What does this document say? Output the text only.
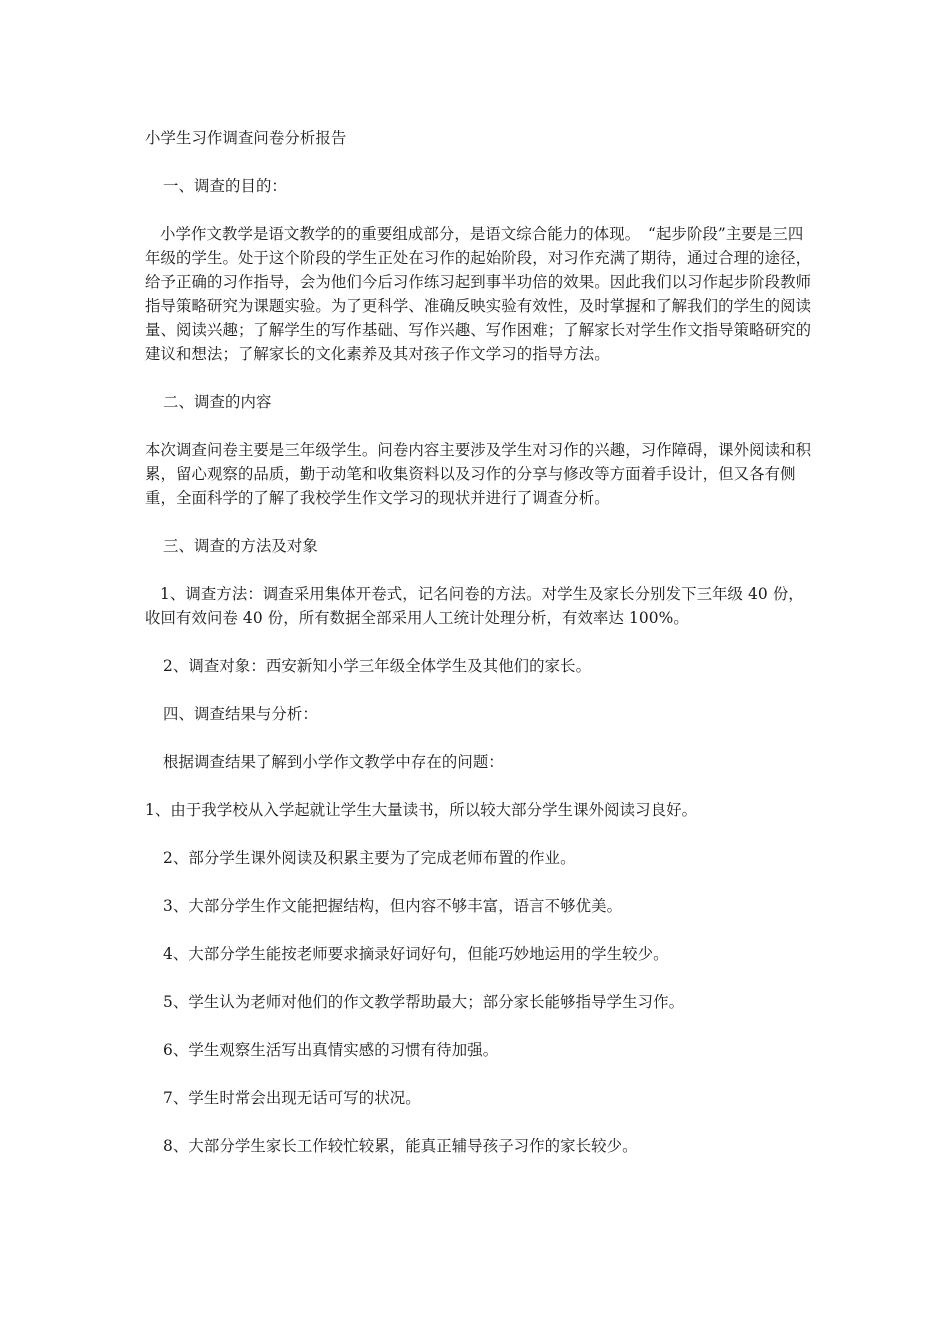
小学生习作调查问卷分析报告

一、调查的目的：

小学作文教学是语文教学的的重要组成部分，是语文综合能力的体现。　“起步阶段”主要是三四年级的学生。处于这个阶段的学生正处在习作的起始阶段，对习作充满了期待，通过合理的途径，给予正确的习作指导，会为他们今后习作练习起到事半功倍的效果。因此我们以习作起步阶段教师指导策略研究为课题实验。为了更科学、准确反映实验有效性，及时掌握和了解我们的学生的阅读量、阅读兴趣；了解学生的写作基础、写作兴趣、写作困难；了解家长对学生作文指导策略研究的建议和想法；了解家长的文化素养及其对孩子作文学习的指导方法。

二、调查的内容

本次调查问卷主要是三年级学生。问卷内容主要涉及学生对习作的兴趣，习作障碍，课外阅读和积累，留心观察的品质，勤于动笔和收集资料以及习作的分享与修改等方面着手设计，但又各有侧重，全面科学的了解了我校学生作文学习的现状并进行了调查分析。

三、调查的方法及对象

1、调查方法：调查采用集体开卷式，记名问卷的方法。对学生及家长分别发下三年级 40 份，收回有效问卷 40 份，所有数据全部采用人工统计处理分析，有效率达 100%。

2、调查对象：西安新知小学三年级全体学生及其他们的家长。

四、调查结果与分析：

根据调查结果了解到小学作文教学中存在的问题：

1、由于我学校从入学起就让学生大量读书，所以较大部分学生课外阅读习良好。

2、部分学生课外阅读及积累主要为了完成老师布置的作业。

3、大部分学生作文能把握结构，但内容不够丰富，语言不够优美。

4、大部分学生能按老师要求摘录好词好句，但能巧妙地运用的学生较少。

5、学生认为老师对他们的作文教学帮助最大；部分家长能够指导学生习作。

6、学生观察生活写出真情实感的习惯有待加强。

7、学生时常会出现无话可写的状况。

8、大部分学生家长工作较忙较累，能真正辅导孩子习作的家长较少。
